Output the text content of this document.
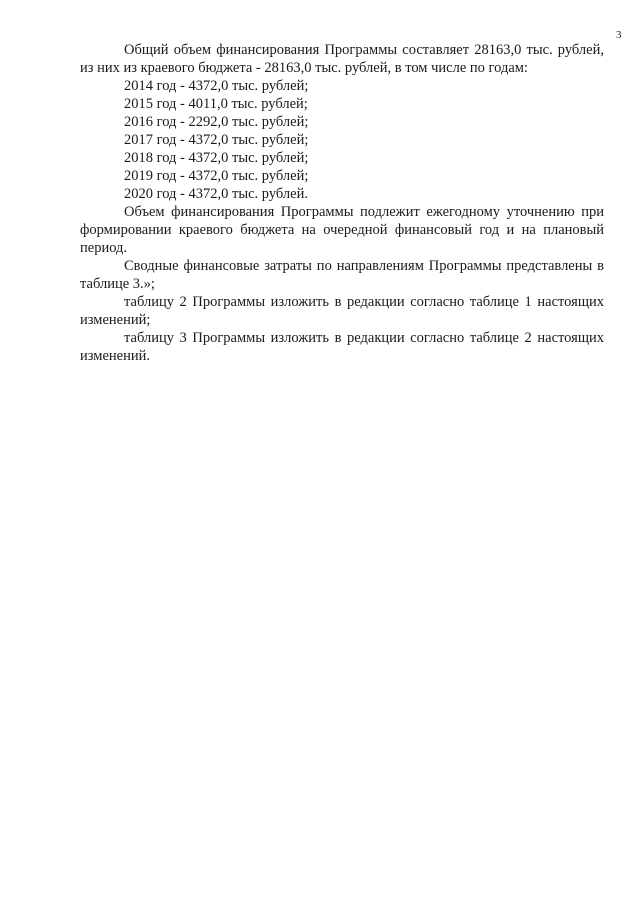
3

Общий объем финансирования Программы составляет 28163,0 тыс. рублей, из них из краевого бюджета - 28163,0 тыс. рублей, в том числе по годам:

2014 год - 4372,0 тыс. рублей;

2015 год - 4011,0 тыс. рублей;

2016 год - 2292,0 тыс. рублей;

2017 год - 4372,0 тыс. рублей;

2018 год - 4372,0 тыс. рублей;

2019 год - 4372,0 тыс. рублей;

2020 год - 4372,0 тыс. рублей.

Объем финансирования Программы подлежит ежегодному уточнению при формировании краевого бюджета на очередной финансовый год и на плановый период.

Сводные финансовые затраты по направлениям Программы представлены в таблице 3.»;

таблицу 2 Программы изложить в редакции согласно таблице 1 настоящих изменений;

таблицу 3 Программы изложить в редакции согласно таблице 2 настоящих изменений.
